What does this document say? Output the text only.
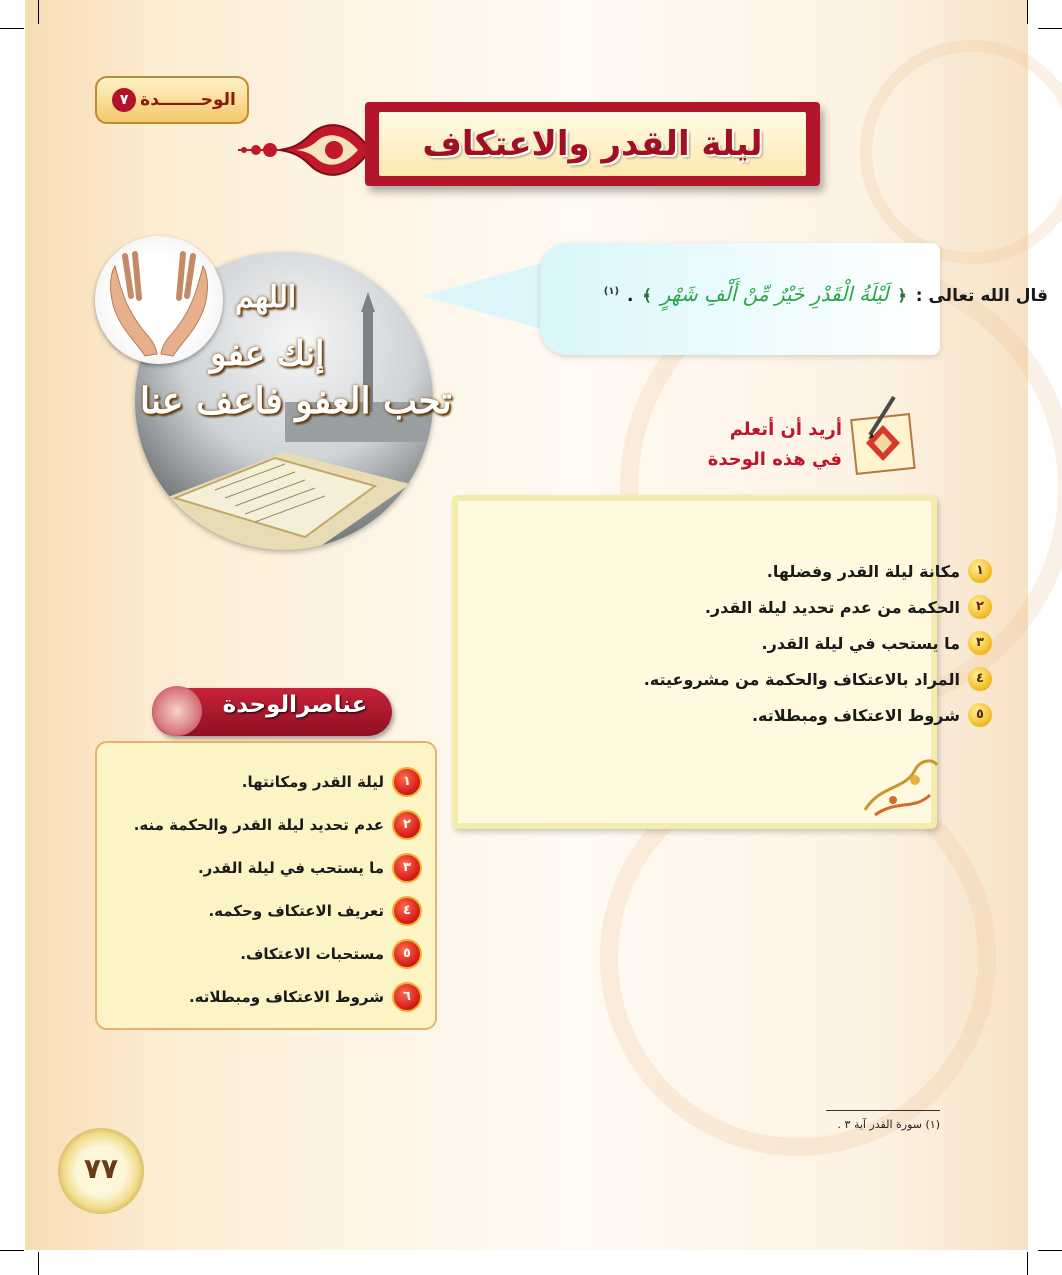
الوحـــــــدة
٧
ليلة القدر والاعتكاف
قال الله تعالى : ﴿ لَيْلَةُ الْقَدْرِ خَيْرٌ مِّنْ أَلْفِ شَهْرٍ ﴾ . $^{(١)}$
اللهم
إنك عفو
تحب العفو فاعف عنا
أريد أن أتعلم
في هذه الوحدة
١
مكانة ليلة القدر وفضلها.
٢
الحكمة من عدم تحديد ليلة القدر.
٣
ما يستحب في ليلة القدر.
٤
المراد بالاعتكاف والحكمة من مشروعيته.
٥
شروط الاعتكاف ومبطلاته.
عناصرالوحدة
١
ليلة القدر ومكانتها.
٢
عدم تحديد ليلة القدر والحكمة منه.
٣
ما يستحب في ليلة القدر.
٤
تعريف الاعتكاف وحكمه.
٥
مستحبات الاعتكاف.
٦
شروط الاعتكاف ومبطلاته.
(١) سورة القدر آية ٣ .
٧٧
